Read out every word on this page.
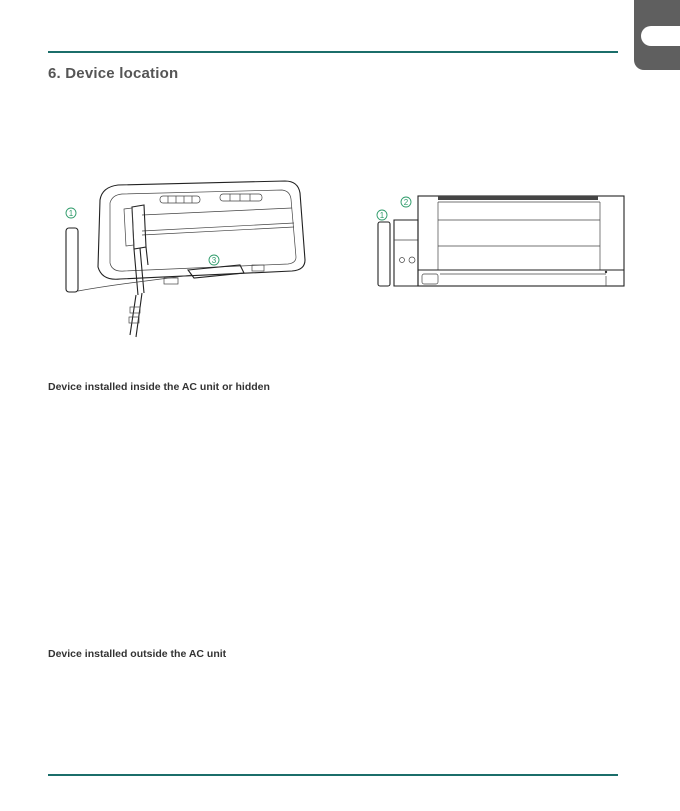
6. Device location
1
3
2
1
Device installed inside the AC unit or hidden
Device installed outside the AC unit
